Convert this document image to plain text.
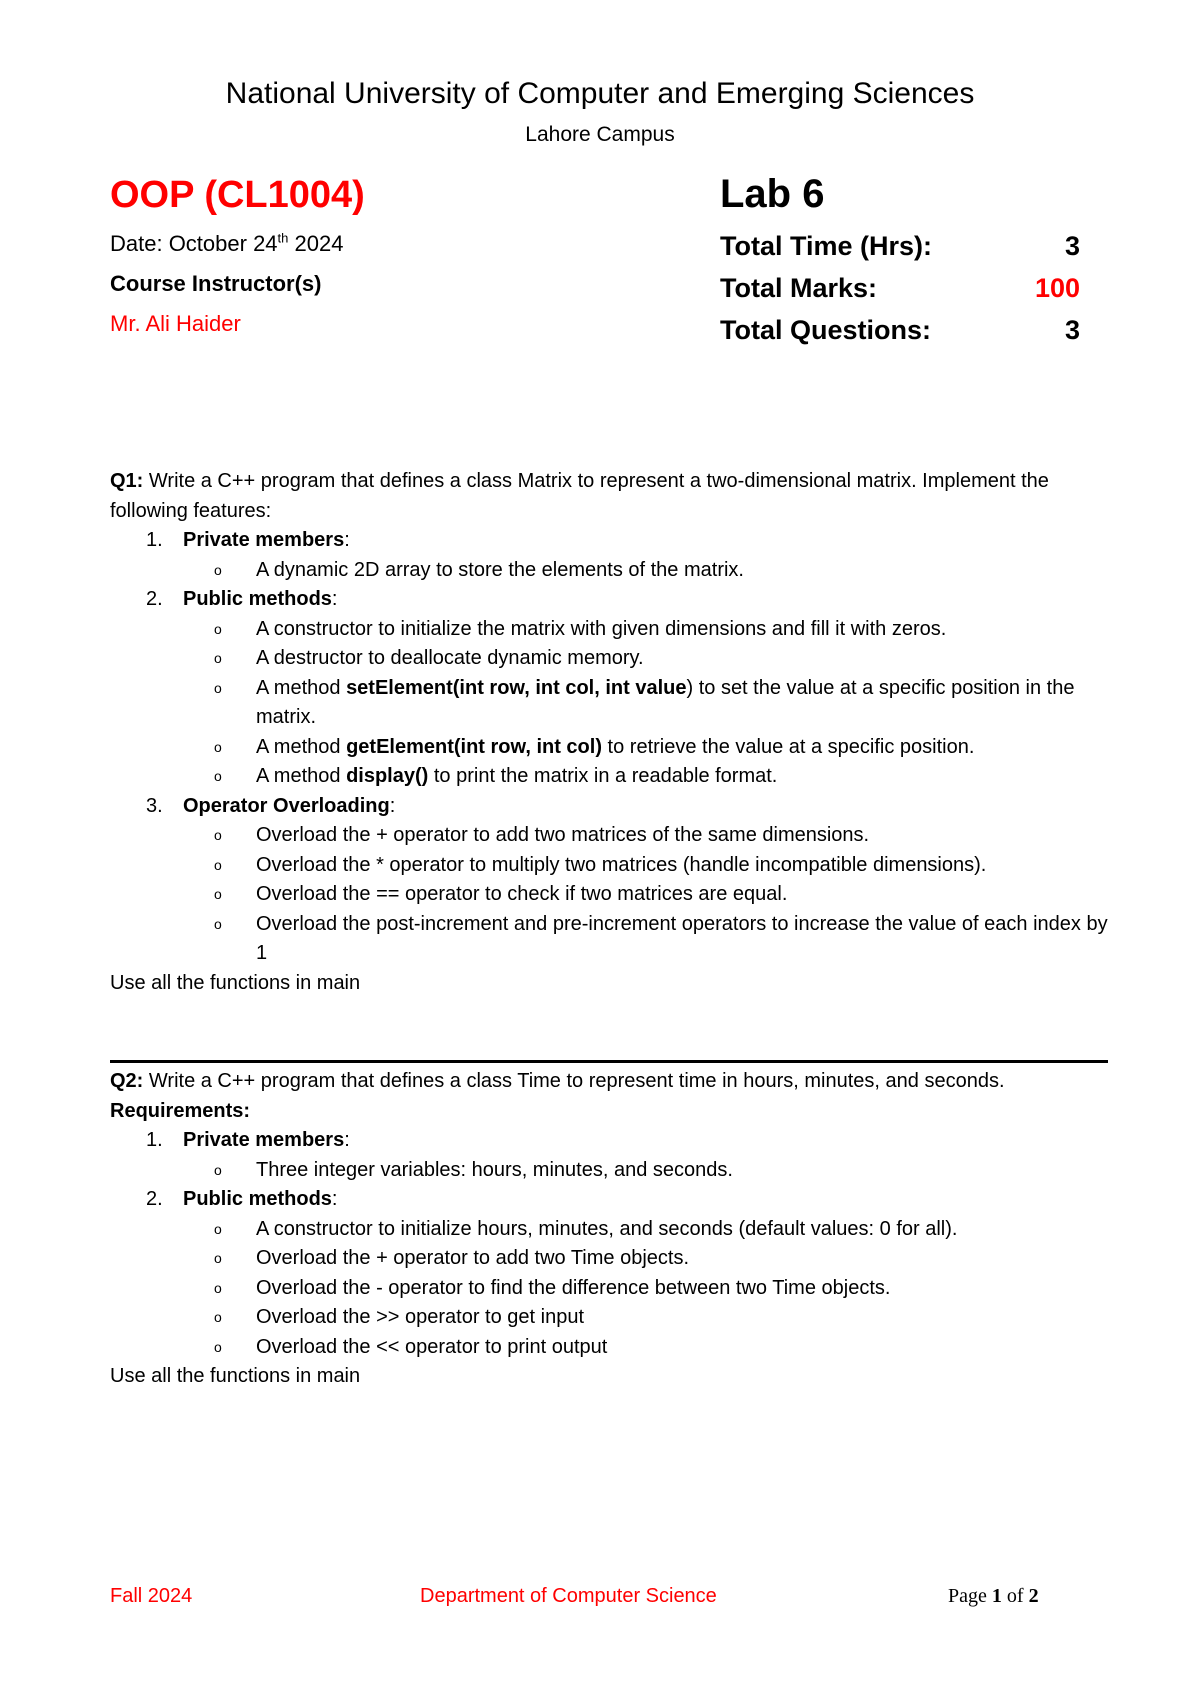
National University of Computer and Emerging Sciences
Lahore Campus
OOP (CL1004)
Date: October 24th 2024
Course Instructor(s)
Mr. Ali Haider
Lab 6
Total Time (Hrs):	3
Total Marks:	100
Total Questions:	3

Q1: Write a C++ program that defines a class Matrix to represent a two-dimensional matrix. Implement the following features:

1. Private members:
o A dynamic 2D array to store the elements of the matrix.
2. Public methods:
o A constructor to initialize the matrix with given dimensions and fill it with zeros.
o A destructor to deallocate dynamic memory.
o A method setElement(int row, int col, int value) to set the value at a specific position in the matrix.
o A method getElement(int row, int col) to retrieve the value at a specific position.
o A method display() to print the matrix in a readable format.
3. Operator Overloading:
o Overload the + operator to add two matrices of the same dimensions.
o Overload the * operator to multiply two matrices (handle incompatible dimensions).
o Overload the == operator to check if two matrices are equal.
o Overload the post-increment and pre-increment operators to increase the value of each index by 1

Use all the functions in main

Q2: Write a C++ program that defines a class Time to represent time in hours, minutes, and seconds.

Requirements:

1. Private members:
o Three integer variables: hours, minutes, and seconds.
2. Public methods:
o A constructor to initialize hours, minutes, and seconds (default values: 0 for all).
o Overload the + operator to add two Time objects.
o Overload the - operator to find the difference between two Time objects.
o Overload the >> operator to get input
o Overload the << operator to print output

Use all the functions in main

Fall 2024	Department of Computer Science	Page 1 of 2
